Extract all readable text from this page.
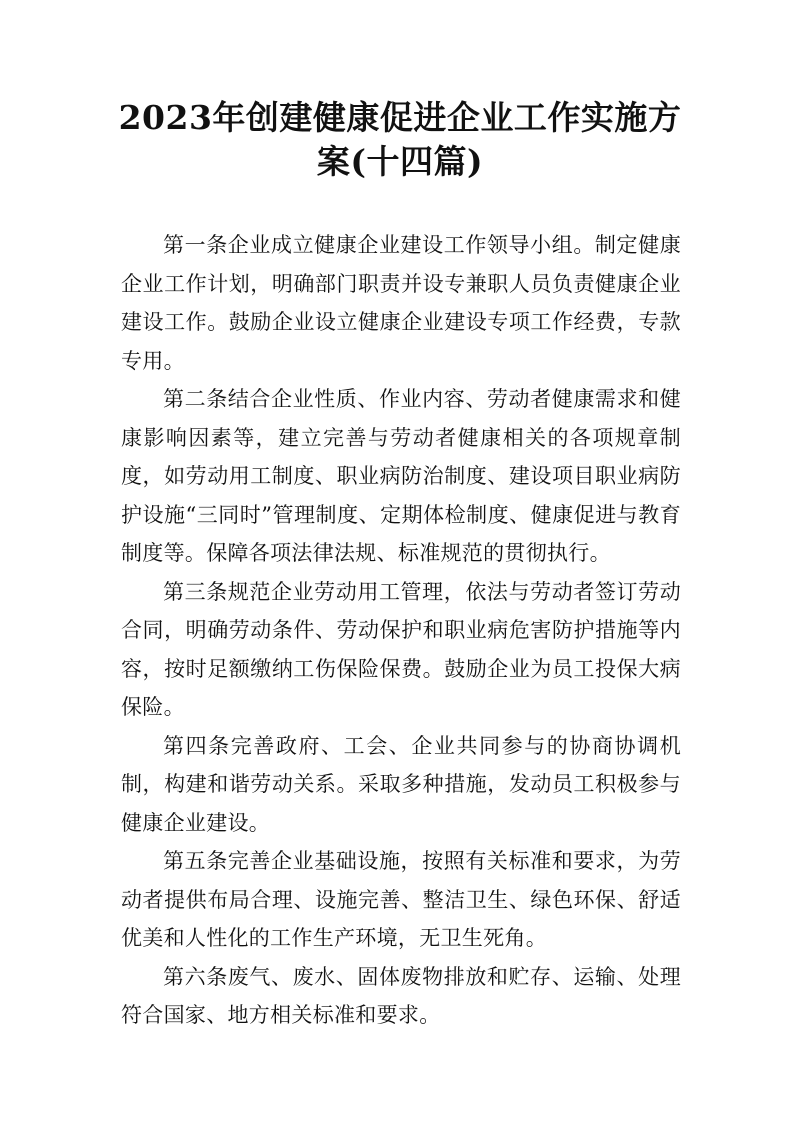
2023年创建健康促进企业工作实施方案(十四篇)

第一条企业成立健康企业建设工作领导小组。制定健康企业工作计划，明确部门职责并设专兼职人员负责健康企业建设工作。鼓励企业设立健康企业建设专项工作经费，专款专用。

第二条结合企业性质、作业内容、劳动者健康需求和健康影响因素等，建立完善与劳动者健康相关的各项规章制度，如劳动用工制度、职业病防治制度、建设项目职业病防护设施“三同时”管理制度、定期体检制度、健康促进与教育制度等。保障各项法律法规、标准规范的贯彻执行。

第三条规范企业劳动用工管理，依法与劳动者签订劳动合同，明确劳动条件、劳动保护和职业病危害防护措施等内容，按时足额缴纳工伤保险保费。鼓励企业为员工投保大病保险。

第四条完善政府、工会、企业共同参与的协商协调机制，构建和谐劳动关系。采取多种措施，发动员工积极参与健康企业建设。

第五条完善企业基础设施，按照有关标准和要求，为劳动者提供布局合理、设施完善、整洁卫生、绿色环保、舒适优美和人性化的工作生产环境，无卫生死角。

第六条废气、废水、固体废物排放和贮存、运输、处理符合国家、地方相关标准和要求。
